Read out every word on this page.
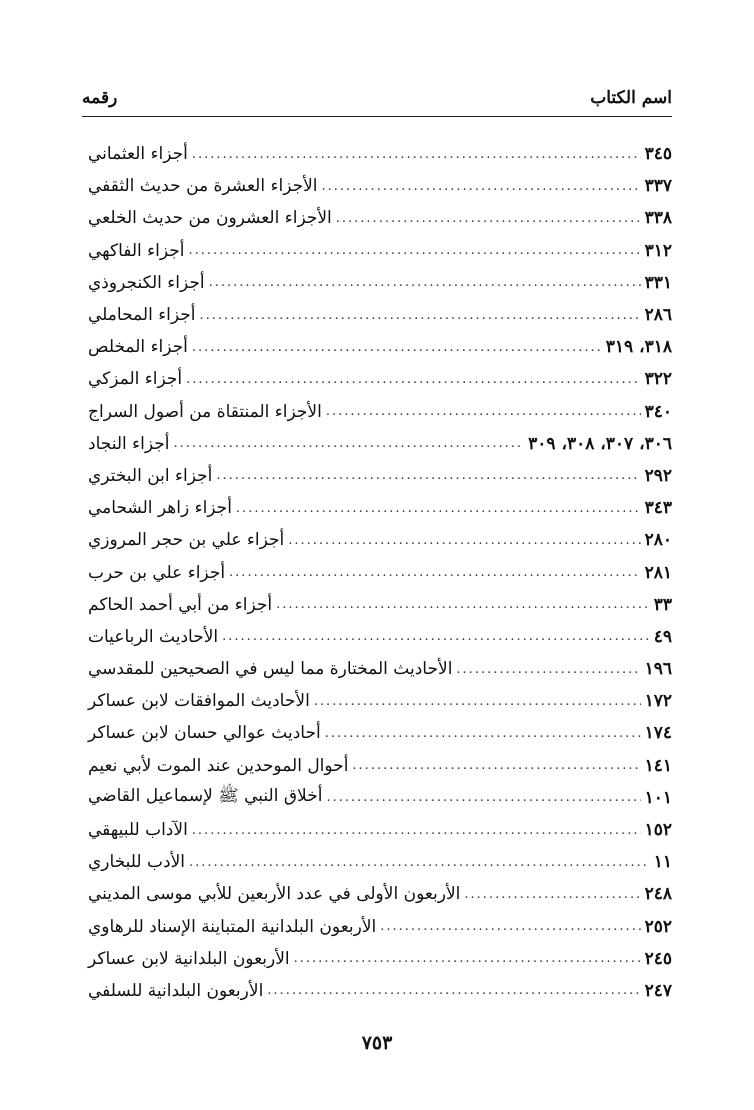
اسم الكتاب
رقمه
أجزاء العثماني .....	٣٤٥
الأجزاء العشرة من حديث الثقفي .....	٣٣٧
الأجزاء العشرون من حديث الخلعي .....	٣٣٨
أجزاء الفاكهي .....	٣١٢
أجزاء الكنجروذي .....	٣٣١
أجزاء المحاملي .....	٢٨٦
أجزاء المخلص .....	٣١٨، ٣١٩
أجزاء المزكي .....	٣٢٢
الأجزاء المنتقاة من أصول السراج .....	٣٤٠
أجزاء النجاد .....	٣٠٦، ٣٠٧، ٣٠٨، ٣٠٩
أجزاء ابن البختري .....	٢٩٢
أجزاء زاهر الشحامي .....	٣٤٣
أجزاء علي بن حجر المروزي .....	٢٨٠
أجزاء علي بن حرب .....	٢٨١
أجزاء من أبي أحمد الحاكم .....	٣٣
الأحاديث الرباعيات .....	٤٩
الأحاديث المختارة مما ليس في الصحيحين للمقدسي .....	١٩٦
الأحاديث الموافقات لابن عساكر .....	١٧٢
أحاديث عوالي حسان لابن عساكر .....	١٧٤
أحوال الموحدين عند الموت لأبي نعيم .....	١٤١
أخلاق النبي ﷺ لإسماعيل القاضي .....	١٠١
الآداب للبيهقي .....	١٥٢
الأدب للبخاري .....	١١
الأربعون الأولى في عدد الأربعين للأبي موسى المديني .....	٢٤٨
الأربعون البلدانية المتباينة الإسناد للرهاوي .....	٢٥٢
الأربعون البلدانية لابن عساكر .....	٢٤٥
الأربعون البلدانية للسلفي .....	٢٤٧
٧٥٣
